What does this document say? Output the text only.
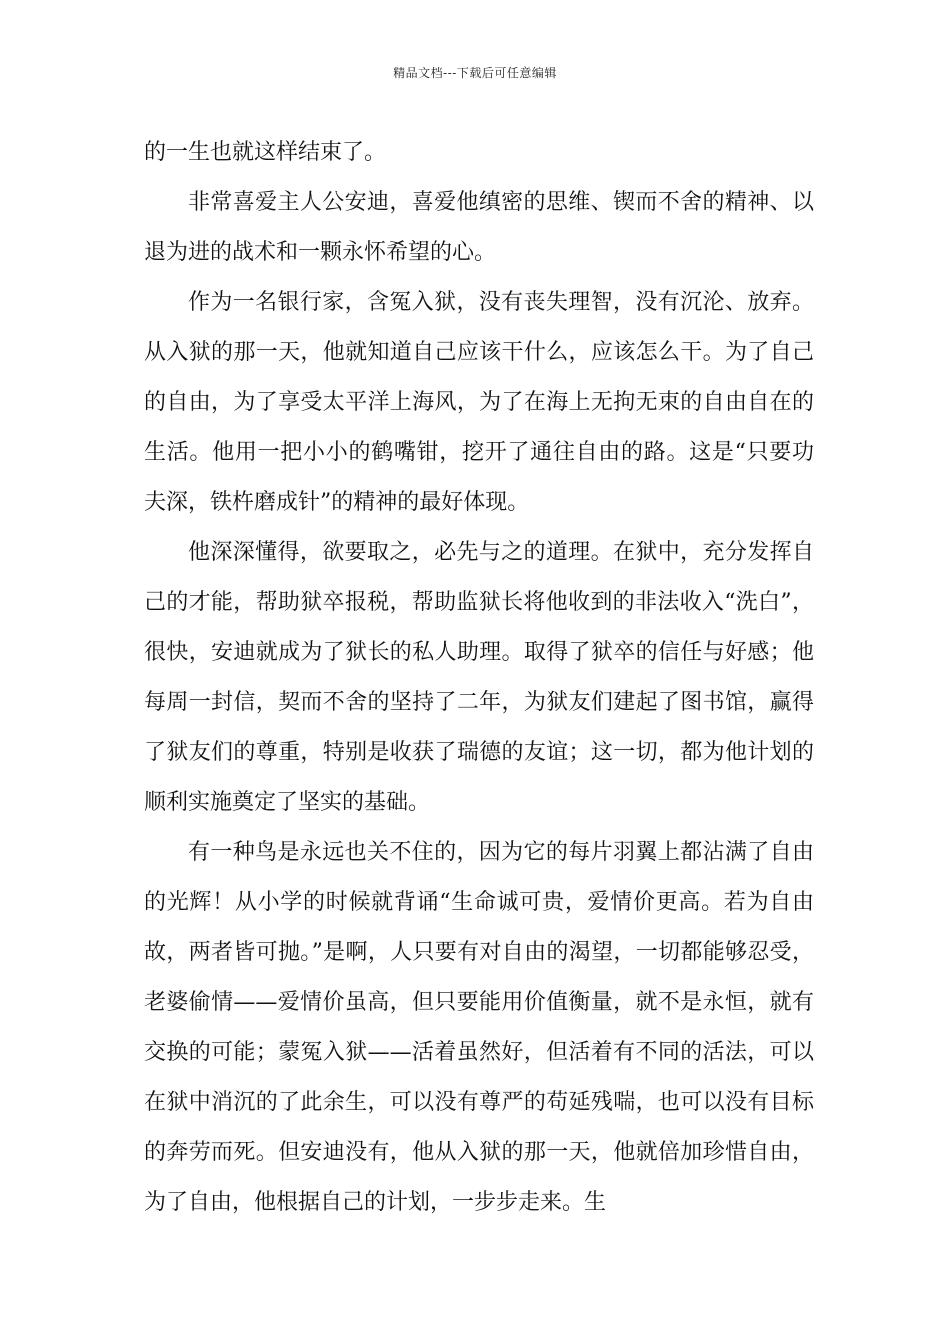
精品文档---下载后可任意编辑

的一生也就这样结束了。

非常喜爱主人公安迪，喜爱他缜密的思维、锲而不舍的精神、以退为进的战术和一颗永怀希望的心。

作为一名银行家，含冤入狱，没有丧失理智，没有沉沦、放弃。从入狱的那一天，他就知道自己应该干什么，应该怎么干。为了自己的自由，为了享受太平洋上海风，为了在海上无拘无束的自由自在的生活。他用一把小小的鹤嘴钳，挖开了通往自由的路。这是“只要功夫深，铁杵磨成针”的精神的最好体现。

他深深懂得，欲要取之，必先与之的道理。在狱中，充分发挥自己的才能，帮助狱卒报税，帮助监狱长将他收到的非法收入“洗白”，很快，安迪就成为了狱长的私人助理。取得了狱卒的信任与好感；他每周一封信，契而不舍的坚持了二年，为狱友们建起了图书馆，赢得了狱友们的尊重，特别是收获了瑞德的友谊；这一切，都为他计划的顺利实施奠定了坚实的基础。

有一种鸟是永远也关不住的，因为它的每片羽翼上都沾满了自由的光辉！从小学的时候就背诵“生命诚可贵，爱情价更高。若为自由故，两者皆可抛。”是啊，人只要有对自由的渴望，一切都能够忍受，老婆偷情——爱情价虽高，但只要能用价值衡量，就不是永恒，就有交换的可能；蒙冤入狱——活着虽然好，但活着有不同的活法，可以在狱中消沉的了此余生，可以没有尊严的苟延残喘，也可以没有目标的奔劳而死。但安迪没有，他从入狱的那一天，他就倍加珍惜自由，为了自由，他根据自己的计划，一步步走来。生
